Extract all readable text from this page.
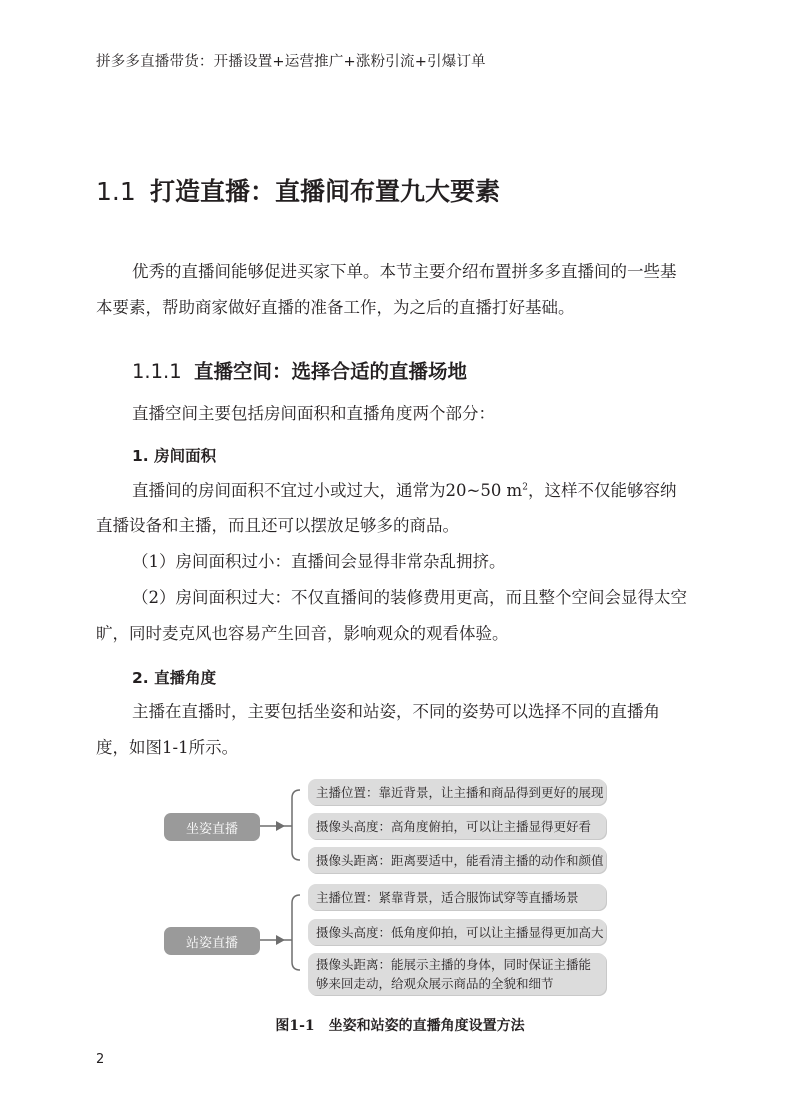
拼多多直播带货：开播设置+运营推广+涨粉引流+引爆订单
1.1 打造直播：直播间布置九大要素
优秀的直播间能够促进买家下单。本节主要介绍布置拼多多直播间的一些基
本要素，帮助商家做好直播的准备工作，为之后的直播打好基础。
1.1.1 直播空间：选择合适的直播场地
直播空间主要包括房间面积和直播角度两个部分：
1. 房间面积
直播间的房间面积不宜过小或过大，通常为20~50 $m^2$，这样不仅能够容纳
直播设备和主播，而且还可以摆放足够多的商品。
（1）房间面积过小：直播间会显得非常杂乱拥挤。
（2）房间面积过大：不仅直播间的装修费用更高，而且整个空间会显得太空
旷，同时麦克风也容易产生回音，影响观众的观看体验。
2. 直播角度
主播在直播时，主要包括坐姿和站姿，不同的姿势可以选择不同的直播角
度，如图1-1所示。
坐姿直播
主播位置：靠近背景，让主播和商品得到更好的展现
摄像头高度：高角度俯拍，可以让主播显得更好看
摄像头距离：距离要适中，能看清主播的动作和颜值
站姿直播
主播位置：紧靠背景，适合服饰试穿等直播场景
摄像头高度：低角度仰拍，可以让主播显得更加高大
摄像头距离：能展示主播的身体，同时保证主播能够来回走动，给观众展示商品的全貌和细节
图1-1　坐姿和站姿的直播角度设置方法
2
